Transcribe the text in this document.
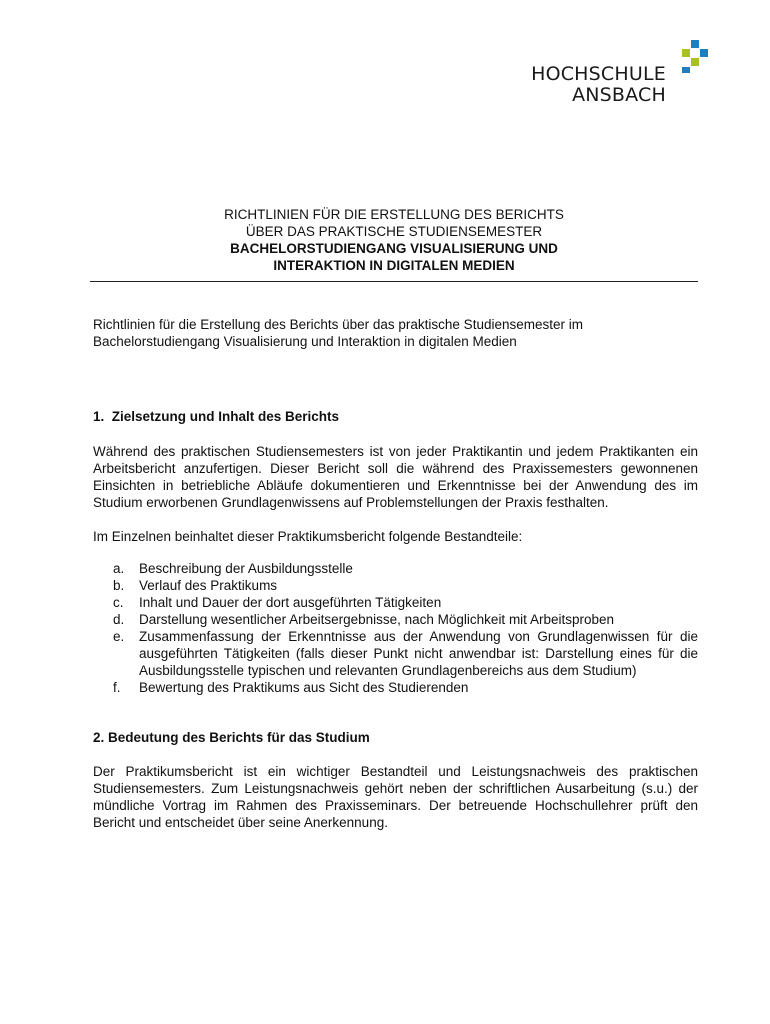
HOCHSCHULE
ANSBACH
RICHTLINIEN FÜR DIE ERSTELLUNG DES BERICHTS
ÜBER DAS PRAKTISCHE STUDIENSEMESTER
BACHELORSTUDIENGANG VISUALISIERUNG UND
INTERAKTION IN DIGITALEN MEDIEN

Richtlinien für die Erstellung des Berichts über das praktische Studiensemester im Bachelorstudiengang Visualisierung und Interaktion in digitalen Medien

1.  Zielsetzung und Inhalt des Berichts

Während des praktischen Studiensemesters ist von jeder Praktikantin und jedem Praktikanten ein Arbeitsbericht anzufertigen. Dieser Bericht soll die während des Praxissemesters gewonnenen Einsichten in betriebliche Abläufe dokumentieren und Erkenntnisse bei der Anwendung des im Studium erworbenen Grundlagenwissens auf Problemstellungen der Praxis festhalten.

Im Einzelnen beinhaltet dieser Praktikumsbericht folgende Bestandteile:

a. Beschreibung der Ausbildungsstelle
b. Verlauf des Praktikums
c. Inhalt und Dauer der dort ausgeführten Tätigkeiten
d. Darstellung wesentlicher Arbeitsergebnisse, nach Möglichkeit mit Arbeitsproben
e. Zusammenfassung der Erkenntnisse aus der Anwendung von Grundlagenwissen für die ausgeführten Tätigkeiten (falls dieser Punkt nicht anwendbar ist: Darstellung eines für die Ausbildungsstelle typischen und relevanten Grundlagenbereichs aus dem Studium)
f. Bewertung des Praktikums aus Sicht des Studierenden
2. Bedeutung des Berichts für das Studium

Der Praktikumsbericht ist ein wichtiger Bestandteil und Leistungsnachweis des praktischen Studiensemesters. Zum Leistungsnachweis gehört neben der schriftlichen Ausarbeitung (s.u.) der mündliche Vortrag im Rahmen des Praxisseminars. Der betreuende Hochschullehrer prüft den Bericht und entscheidet über seine Anerkennung.
